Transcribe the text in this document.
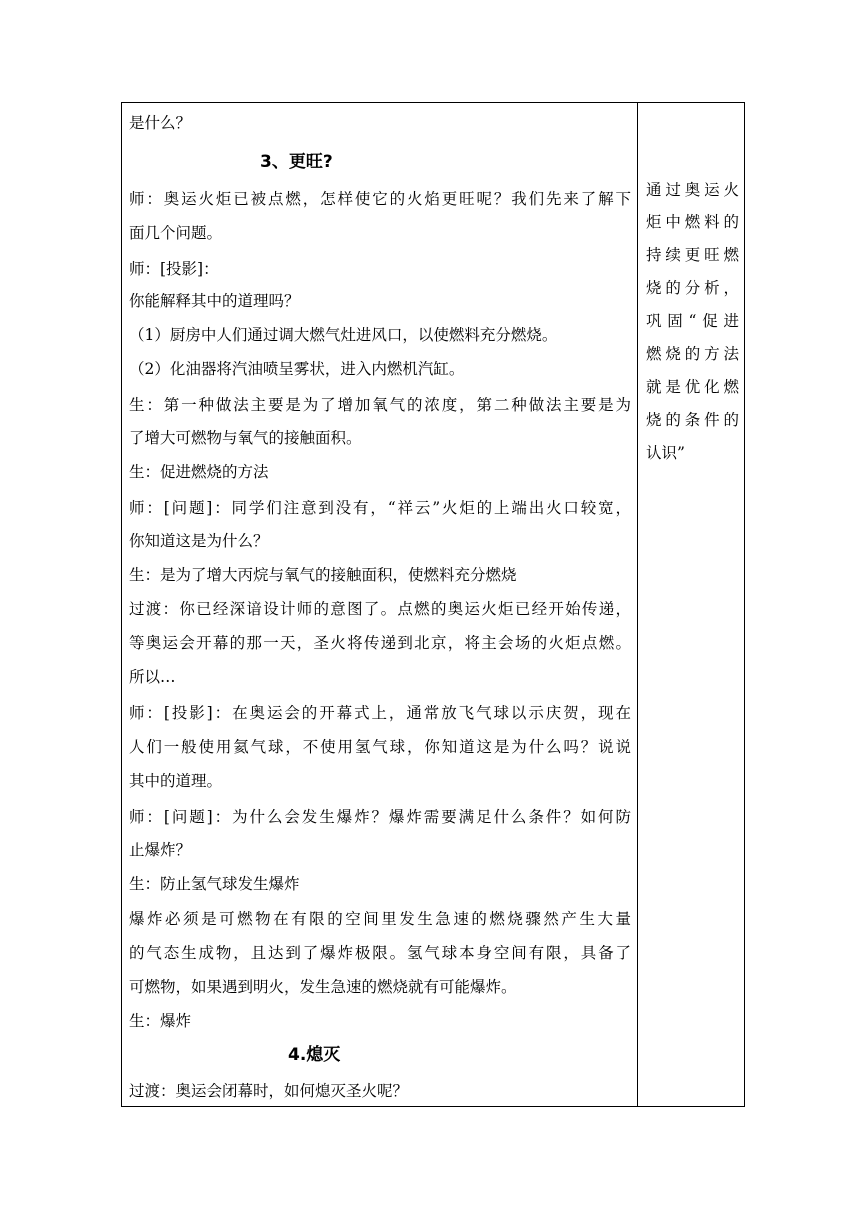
是什么？
3、更旺?
师：奥运火炬已被点燃，怎样使它的火焰更旺呢？我们先来了解下
面几个问题。
师：[投影]：
你能解释其中的道理吗？
（1）厨房中人们通过调大燃气灶进风口，以使燃料充分燃烧。
（2）化油器将汽油喷呈雾状，进入内燃机汽缸。
生：第一种做法主要是为了增加氧气的浓度，第二种做法主要是为
了增大可燃物与氧气的接触面积。
生：促进燃烧的方法
师：[问题]：同学们注意到没有，“祥云”火炬的上端出火口较宽，
你知道这是为什么？
生：是为了增大丙烷与氧气的接触面积，使燃料充分燃烧
过渡：你已经深谙设计师的意图了。点燃的奥运火炬已经开始传递，
等奥运会开幕的那一天，圣火将传递到北京，将主会场的火炬点燃。
所以…
师：[投影]：在奥运会的开幕式上，通常放飞气球以示庆贺，现在
人们一般使用氦气球，不使用氢气球，你知道这是为什么吗？说说
其中的道理。
师：[问题]：为什么会发生爆炸？爆炸需要满足什么条件？如何防
止爆炸？
生：防止氢气球发生爆炸
爆炸必须是可燃物在有限的空间里发生急速的燃烧骤然产生大量
的气态生成物，且达到了爆炸极限。氢气球本身空间有限，具备了
可燃物，如果遇到明火，发生急速的燃烧就有可能爆炸。
生：爆炸
4.熄灭
过渡：奥运会闭幕时，如何熄灭圣火呢？
通过奥运火
炬中燃料的
持续更旺燃
烧的分析，
巩固“促进
燃烧的方法
就是优化燃
烧的条件的
认识”
